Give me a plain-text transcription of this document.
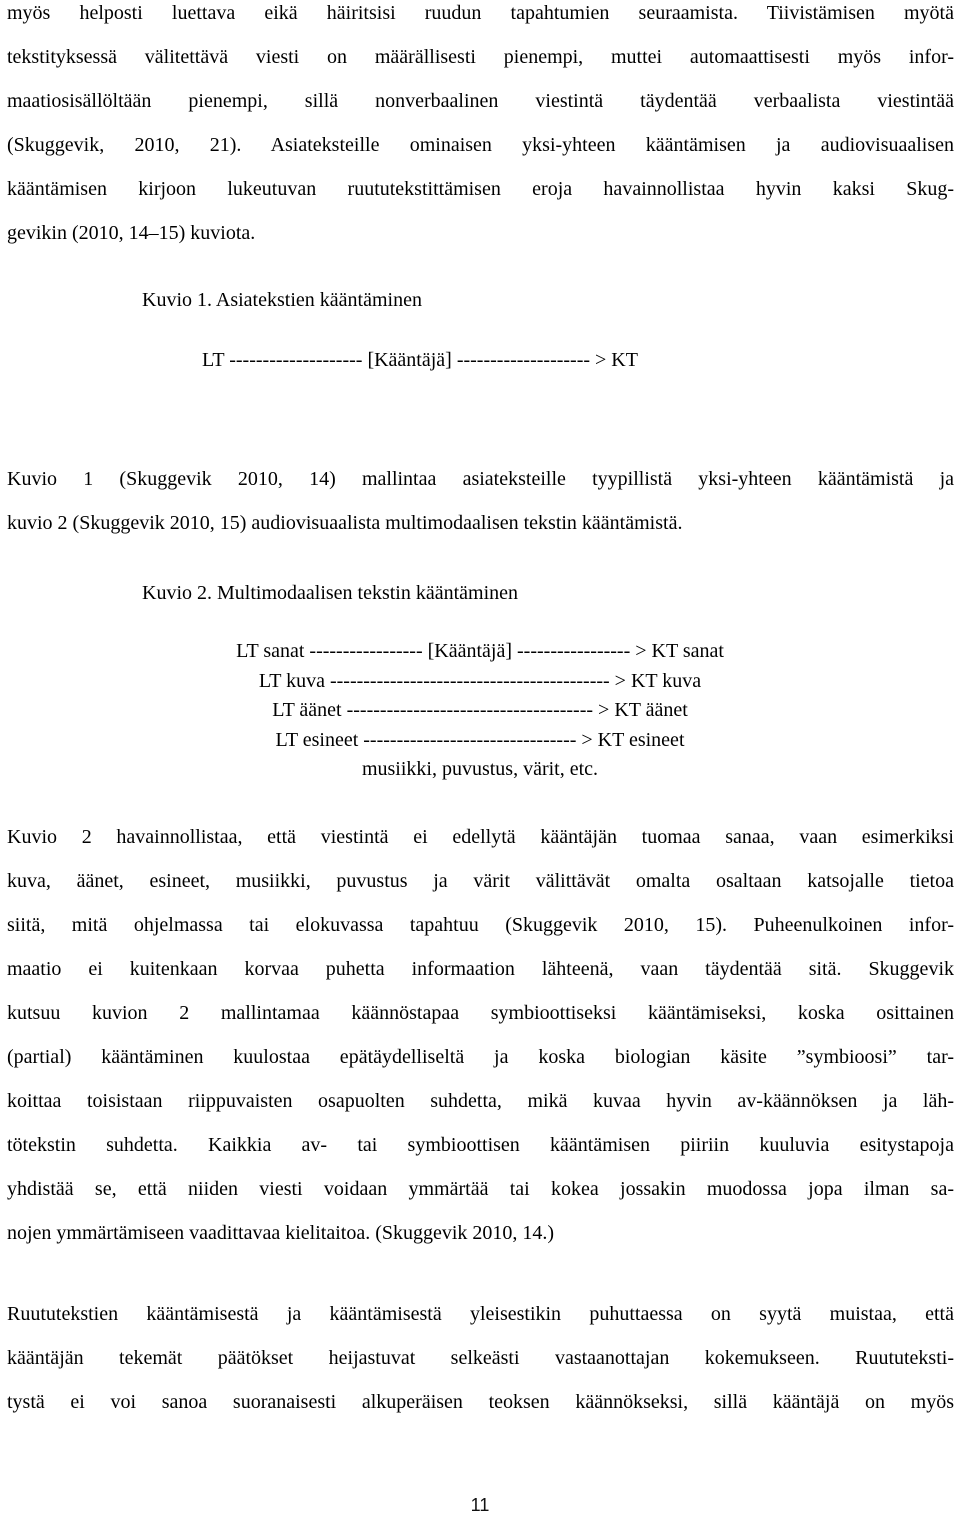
myös helposti luettava eikä häiritsisi ruudun tapahtumien seuraamista. Tiivistämisen myötä
tekstityksessä välitettävä viesti on määrällisesti pienempi, muttei automaattisesti myös infor-
maatiosisällöltään pienempi, sillä nonverbaalinen viestintä täydentää verbaalista viestintää
(Skuggevik, 2010, 21). Asiateksteille ominaisen yksi-yhteen kääntämisen ja audiovisuaalisen
kääntämisen kirjoon lukeutuvan ruututekstittämisen eroja havainnollistaa hyvin kaksi Skug-
gevikin (2010, 14–15) kuviota.
Kuvio 1. Asiatekstien kääntäminen
LT -------------------- [Kääntäjä] -------------------- > KT
Kuvio 1 (Skuggevik 2010, 14) mallintaa asiateksteille tyypillistä yksi-yhteen kääntämistä ja
kuvio 2 (Skuggevik 2010, 15) audiovisuaalista multimodaalisen tekstin kääntämistä.
Kuvio 2. Multimodaalisen tekstin kääntäminen
LT sanat ----------------- [Kääntäjä] ----------------- > KT sanat
LT kuva ------------------------------------------ > KT kuva
LT äänet ------------------------------------- > KT äänet
LT esineet -------------------------------- > KT esineet
musiikki, puvustus, värit, etc.
Kuvio 2 havainnollistaa, että viestintä ei edellytä kääntäjän tuomaa sanaa, vaan esimerkiksi
kuva, äänet, esineet, musiikki, puvustus ja värit välittävät omalta osaltaan katsojalle tietoa
siitä, mitä ohjelmassa tai elokuvassa tapahtuu (Skuggevik 2010, 15). Puheenulkoinen infor-
maatio ei kuitenkaan korvaa puhetta informaation lähteenä, vaan täydentää sitä. Skuggevik
kutsuu kuvion 2 mallintamaa käännöstapaa symbioottiseksi kääntämiseksi, koska osittainen
(partial) kääntäminen kuulostaa epätäydelliseltä ja koska biologian käsite ”symbioosi” tar-
koittaa toisistaan riippuvaisten osapuolten suhdetta, mikä kuvaa hyvin av-käännöksen ja läh-
tötekstin suhdetta. Kaikkia av- tai symbioottisen kääntämisen piiriin kuuluvia esitystapoja
yhdistää se, että niiden viesti voidaan ymmärtää tai kokea jossakin muodossa jopa ilman sa-
nojen ymmärtämiseen vaadittavaa kielitaitoa. (Skuggevik 2010, 14.)
Ruututekstien kääntämisestä ja kääntämisestä yleisestikin puhuttaessa on syytä muistaa, että
kääntäjän tekemät päätökset heijastuvat selkeästi vastaanottajan kokemukseen. Ruututeksti-
tystä ei voi sanoa suoranaisesti alkuperäisen teoksen käännökseksi, sillä kääntäjä on myös
11
